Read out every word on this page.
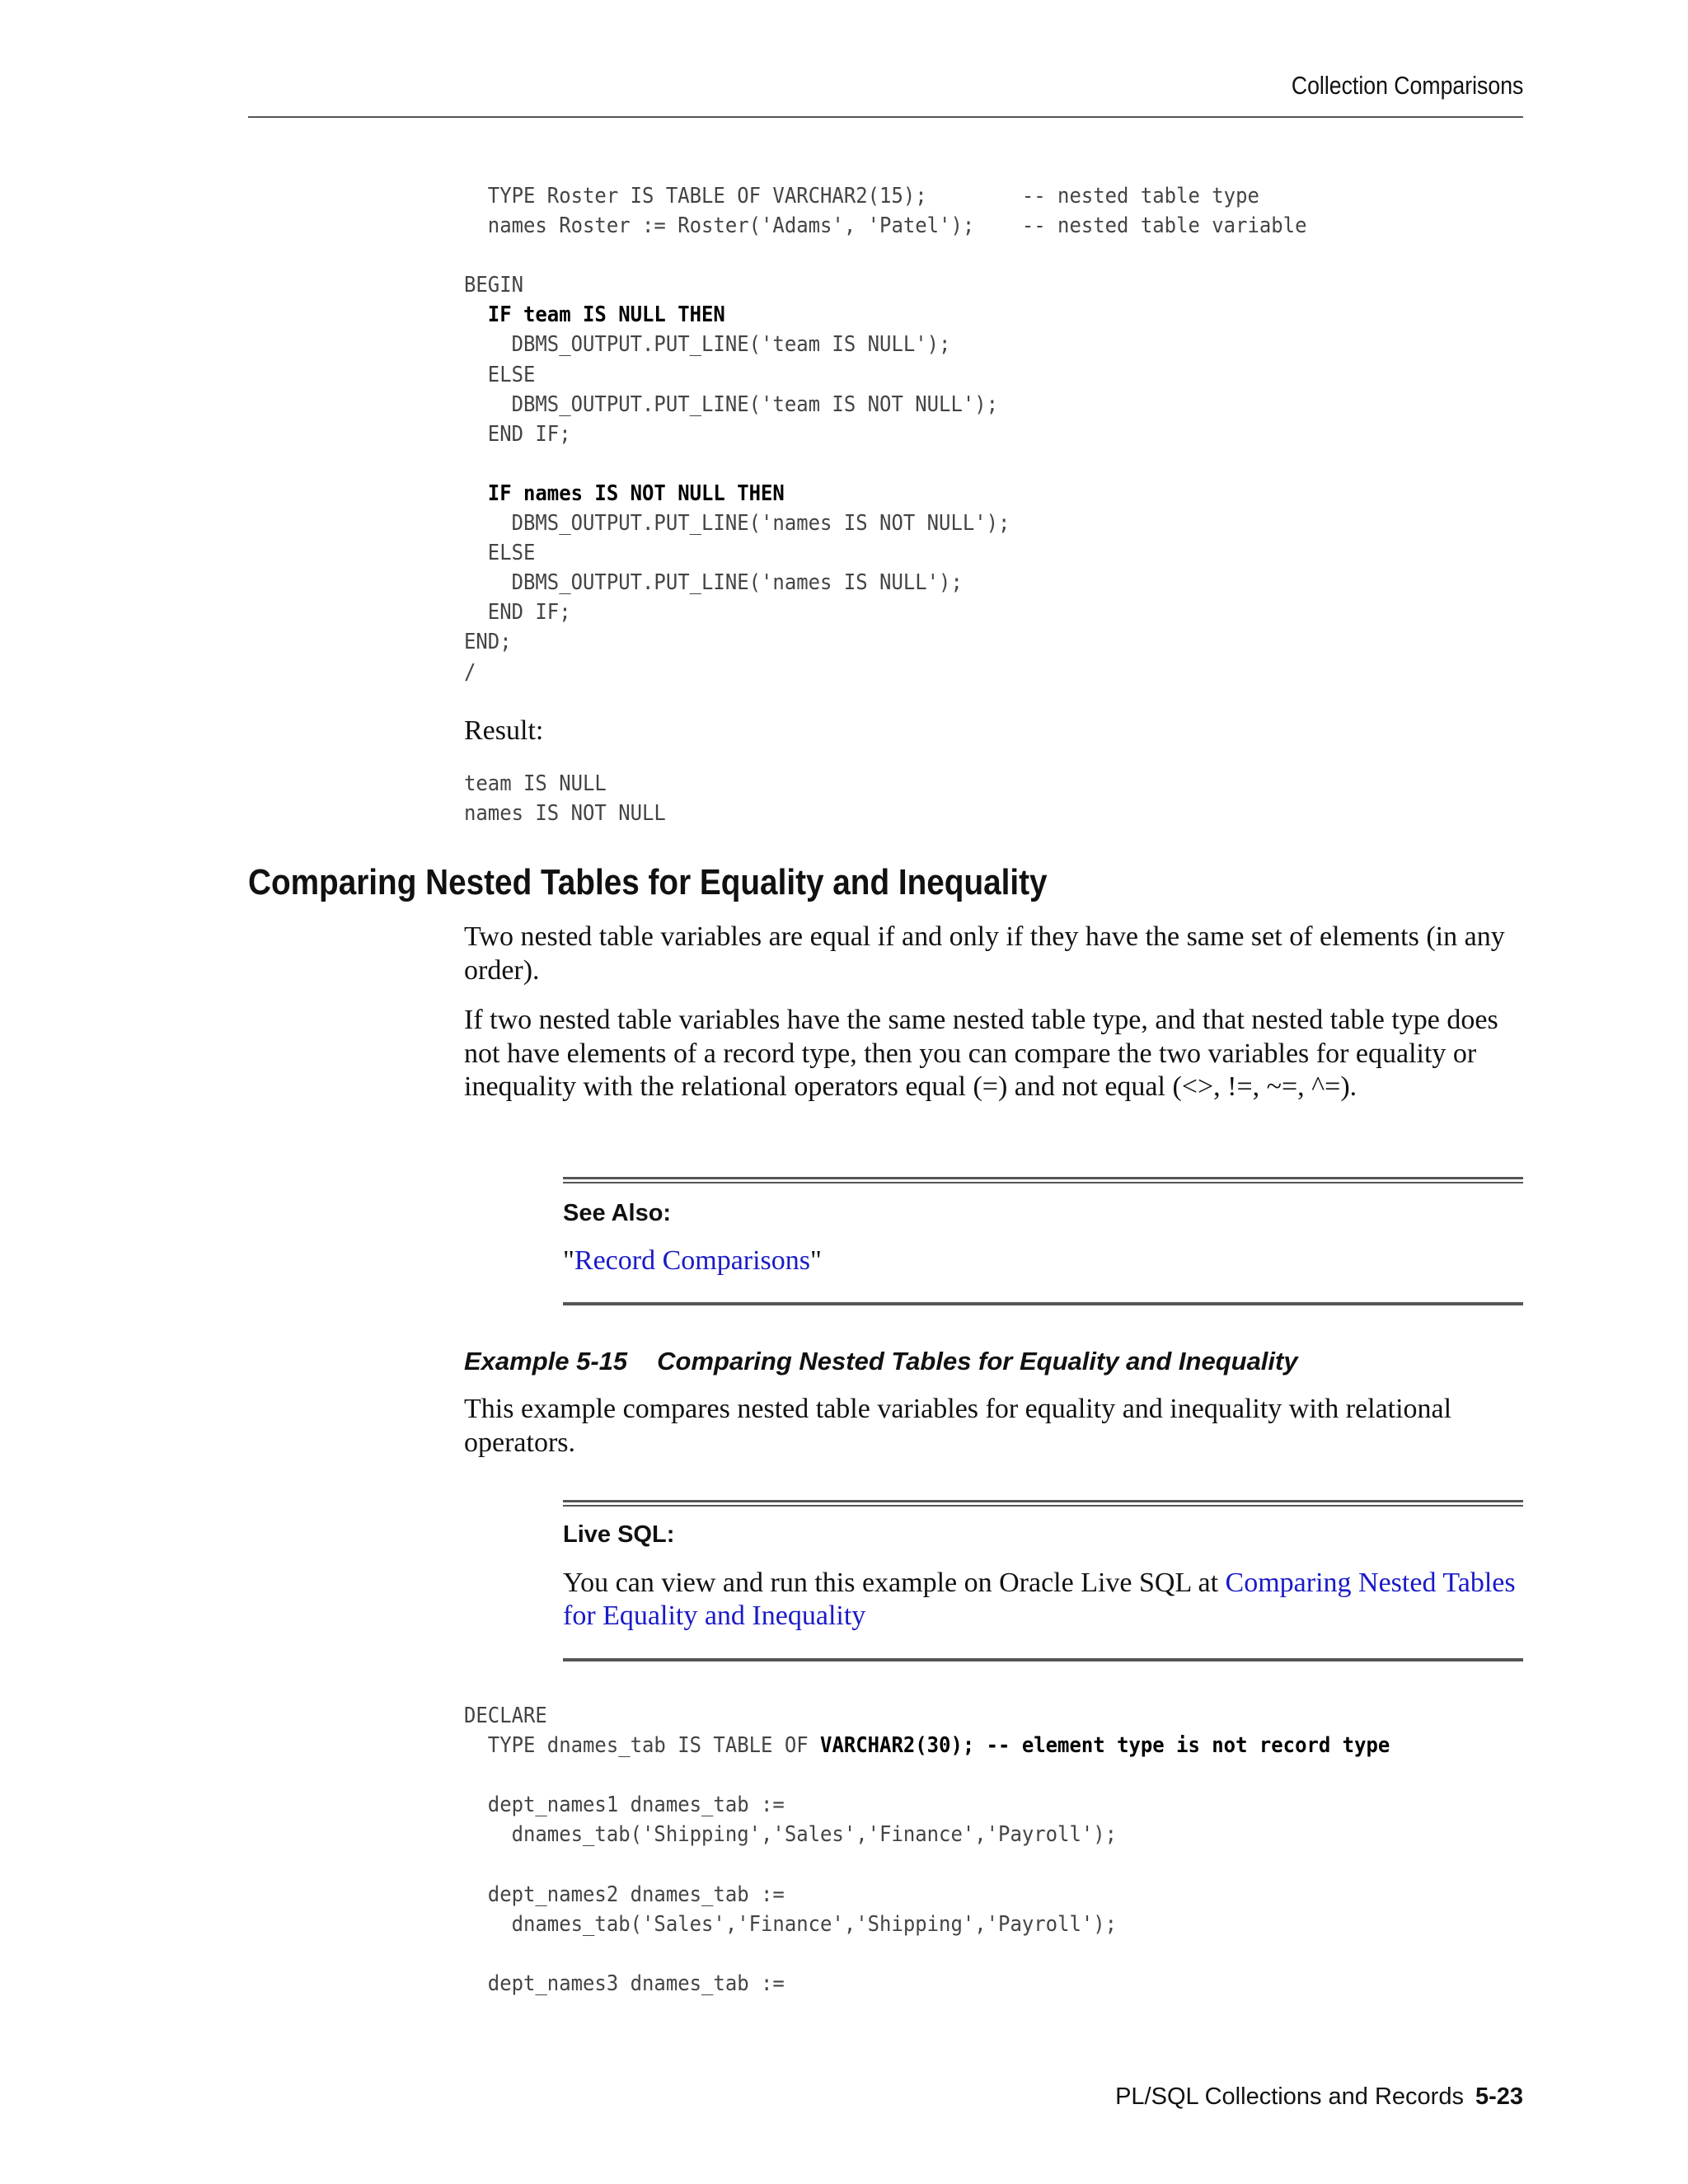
Collection Comparisons
TYPE Roster IS TABLE OF VARCHAR2(15);        -- nested table type
names Roster := Roster('Adams', 'Patel');    -- nested table variable

BEGIN
IF team IS NULL THEN
DBMS_OUTPUT.PUT_LINE('team IS NULL');
ELSE
DBMS_OUTPUT.PUT_LINE('team IS NOT NULL');
END IF;

IF names IS NOT NULL THEN
DBMS_OUTPUT.PUT_LINE('names IS NOT NULL');
ELSE
DBMS_OUTPUT.PUT_LINE('names IS NULL');
END IF;
END;
/
Result:
team IS NULL
names IS NOT NULL
Comparing Nested Tables for Equality and Inequality

Two nested table variables are equal if and only if they have the same set of elements (in any order).

If two nested table variables have the same nested table type, and that nested table type does not have elements of a record type, then you can compare the two variables for equality or inequality with the relational operators equal (=) and not equal (<>, !=, ~=, ^=).

See Also:

"Record Comparisons"

Example 5-15 Comparing Nested Tables for Equality and Inequality

This example compares nested table variables for equality and inequality with relational operators.

Live SQL:

You can view and run this example on Oracle Live SQL at Comparing Nested Tables for Equality and Inequality

DECLARE
TYPE dnames_tab IS TABLE OF VARCHAR2(30); -- element type is not record type

dept_names1 dnames_tab :=
dnames_tab('Shipping','Sales','Finance','Payroll');

dept_names2 dnames_tab :=
dnames_tab('Sales','Finance','Shipping','Payroll');

dept_names3 dnames_tab :=
PL/SQL Collections and Records 5-23
